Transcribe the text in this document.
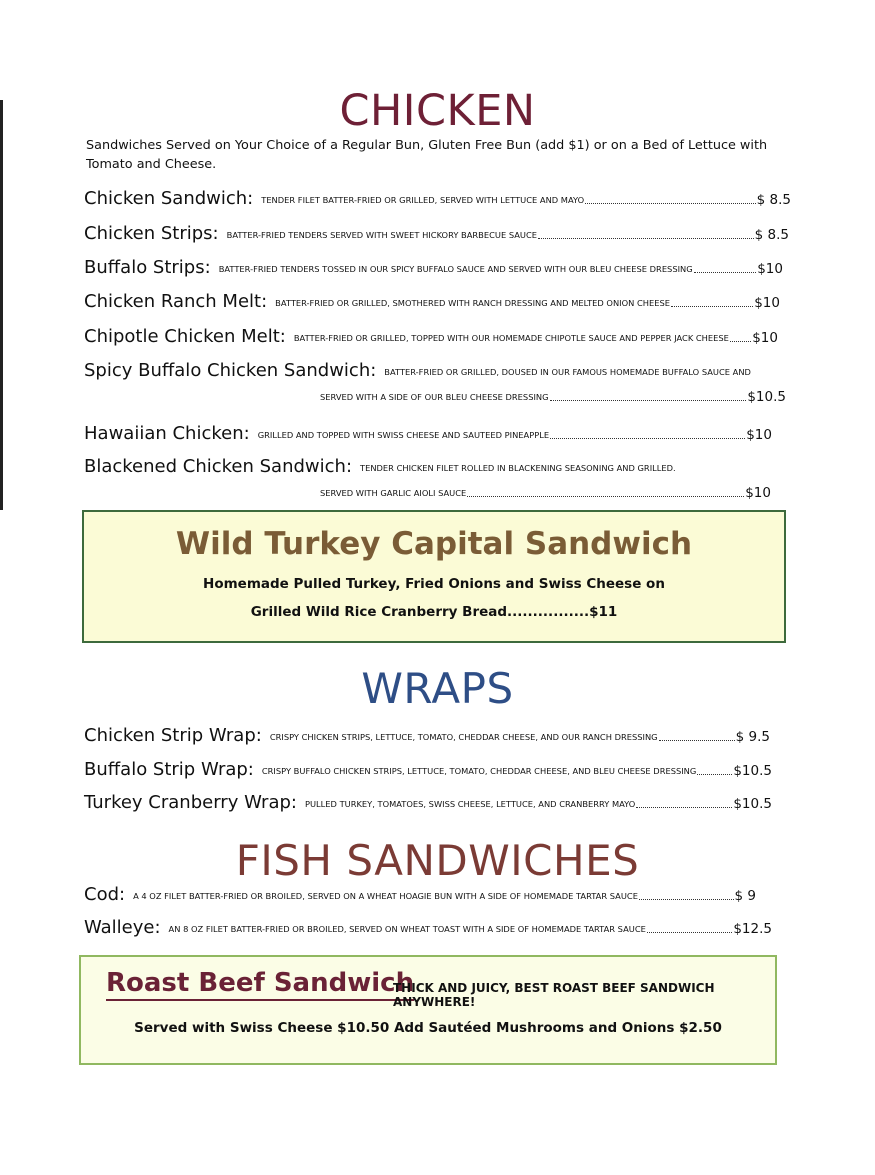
CHICKEN
Sandwiches Served on Your Choice of a Regular Bun, Gluten Free Bun (add $1) or on a Bed of Lettuce with Tomato and Cheese.
Chicken Sandwich: TENDER FILET BATTER-FRIED OR GRILLED, SERVED WITH LETTUCE AND MAYO	$ 8.5
Chicken Strips: BATTER-FRIED TENDERS SERVED WITH SWEET HICKORY BARBECUE SAUCE	$ 8.5
Buffalo Strips: BATTER-FRIED TENDERS TOSSED IN OUR SPICY BUFFALO SAUCE AND SERVED WITH OUR BLEU CHEESE DRESSING	$10
Chicken Ranch Melt: BATTER-FRIED OR GRILLED, SMOTHERED WITH RANCH DRESSING AND MELTED ONION CHEESE	$10
Chipotle Chicken Melt: BATTER-FRIED OR GRILLED, TOPPED WITH OUR HOMEMADE CHIPOTLE SAUCE AND PEPPER JACK CHEESE $10
Spicy Buffalo Chicken Sandwich: BATTER-FRIED OR GRILLED, DOUSED IN OUR FAMOUS HOMEMADE BUFFALO SAUCE AND
SERVED WITH A SIDE OF OUR BLEU CHEESE DRESSING	$10.5
Hawaiian Chicken: GRILLED AND TOPPED WITH SWISS CHEESE AND SAUTEED PINEAPPLE	$10
Blackened Chicken Sandwich: TENDER CHICKEN FILET ROLLED IN BLACKENING SEASONING AND GRILLED.
SERVED WITH GARLIC AIOLI SAUCE	$10
Wild Turkey Capital Sandwich
Homemade Pulled Turkey, Fried Onions and Swiss Cheese on
Grilled Wild Rice Cranberry Bread................$11
WRAPS
Chicken Strip Wrap: CRISPY CHICKEN STRIPS, LETTUCE, TOMATO, CHEDDAR CHEESE, AND OUR RANCH DRESSING	$ 9.5
Buffalo Strip Wrap: CRISPY BUFFALO CHICKEN STRIPS, LETTUCE, TOMATO, CHEDDAR CHEESE, AND BLEU CHEESE DRESSING	$10.5
Turkey Cranberry Wrap: PULLED TURKEY, TOMATOES, SWISS CHEESE, LETTUCE, AND CRANBERRY MAYO	$10.5
FISH SANDWICHES
Cod: A 4 OZ FILET BATTER-FRIED OR BROILED, SERVED ON A WHEAT HOAGIE BUN WITH A SIDE OF HOMEMADE TARTAR SAUCE	$ 9
Walleye: AN 8 OZ FILET BATTER-FRIED OR BROILED, SERVED ON WHEAT TOAST WITH A SIDE OF HOMEMADE TARTAR SAUCE	$12.5
Roast Beef Sandwich
THICK AND JUICY, BEST ROAST BEEF SANDWICH ANYWHERE!
Served with Swiss Cheese $10.50 Add Sautéed Mushrooms and Onions $2.50
